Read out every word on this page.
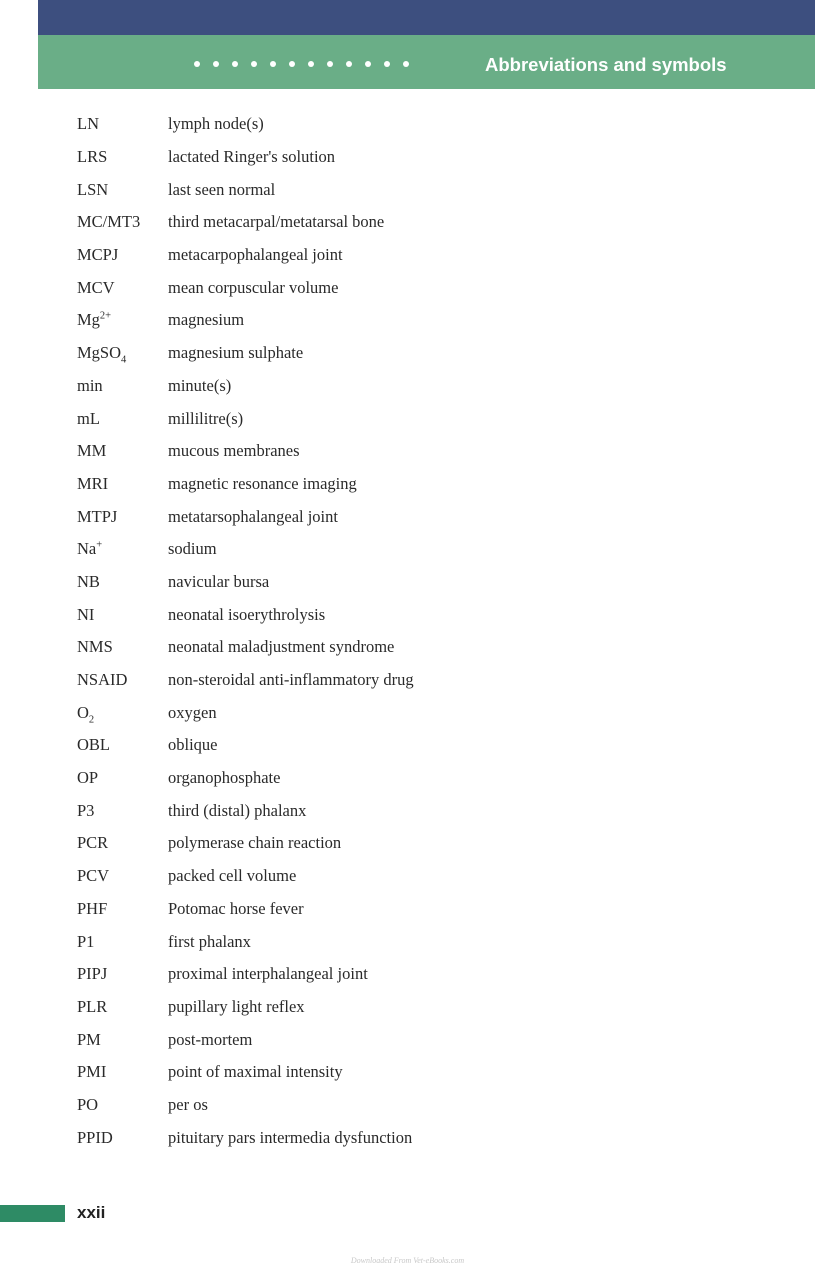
Abbreviations and symbols
LN	lymph node(s)
LRS	lactated Ringer's solution
LSN	last seen normal
MC/MT3	third metacarpal/metatarsal bone
MCPJ	metacarpophalangeal joint
MCV	mean corpuscular volume
$Mg^{2+}$	magnesium
MgSO$_4$	magnesium sulphate
min	minute(s)
mL	millilitre(s)
MM	mucous membranes
MRI	magnetic resonance imaging
MTPJ	metatarsophalangeal joint
Na+	sodium
NB	navicular bursa
NI	neonatal isoerythrolysis
NMS	neonatal maladjustment syndrome
NSAID	non-steroidal anti-inflammatory drug
$O_2$	oxygen
OBL	oblique
OP	organophosphate
P3	third (distal) phalanx
PCR	polymerase chain reaction
PCV	packed cell volume
PHF	Potomac horse fever
P1	first phalanx
PIPJ	proximal interphalangeal joint
PLR	pupillary light reflex
PM	post-mortem
PMI	point of maximal intensity
PO	per os
PPID	pituitary pars intermedia dysfunction
xxii
Downloaded From Vet-eBooks.com
